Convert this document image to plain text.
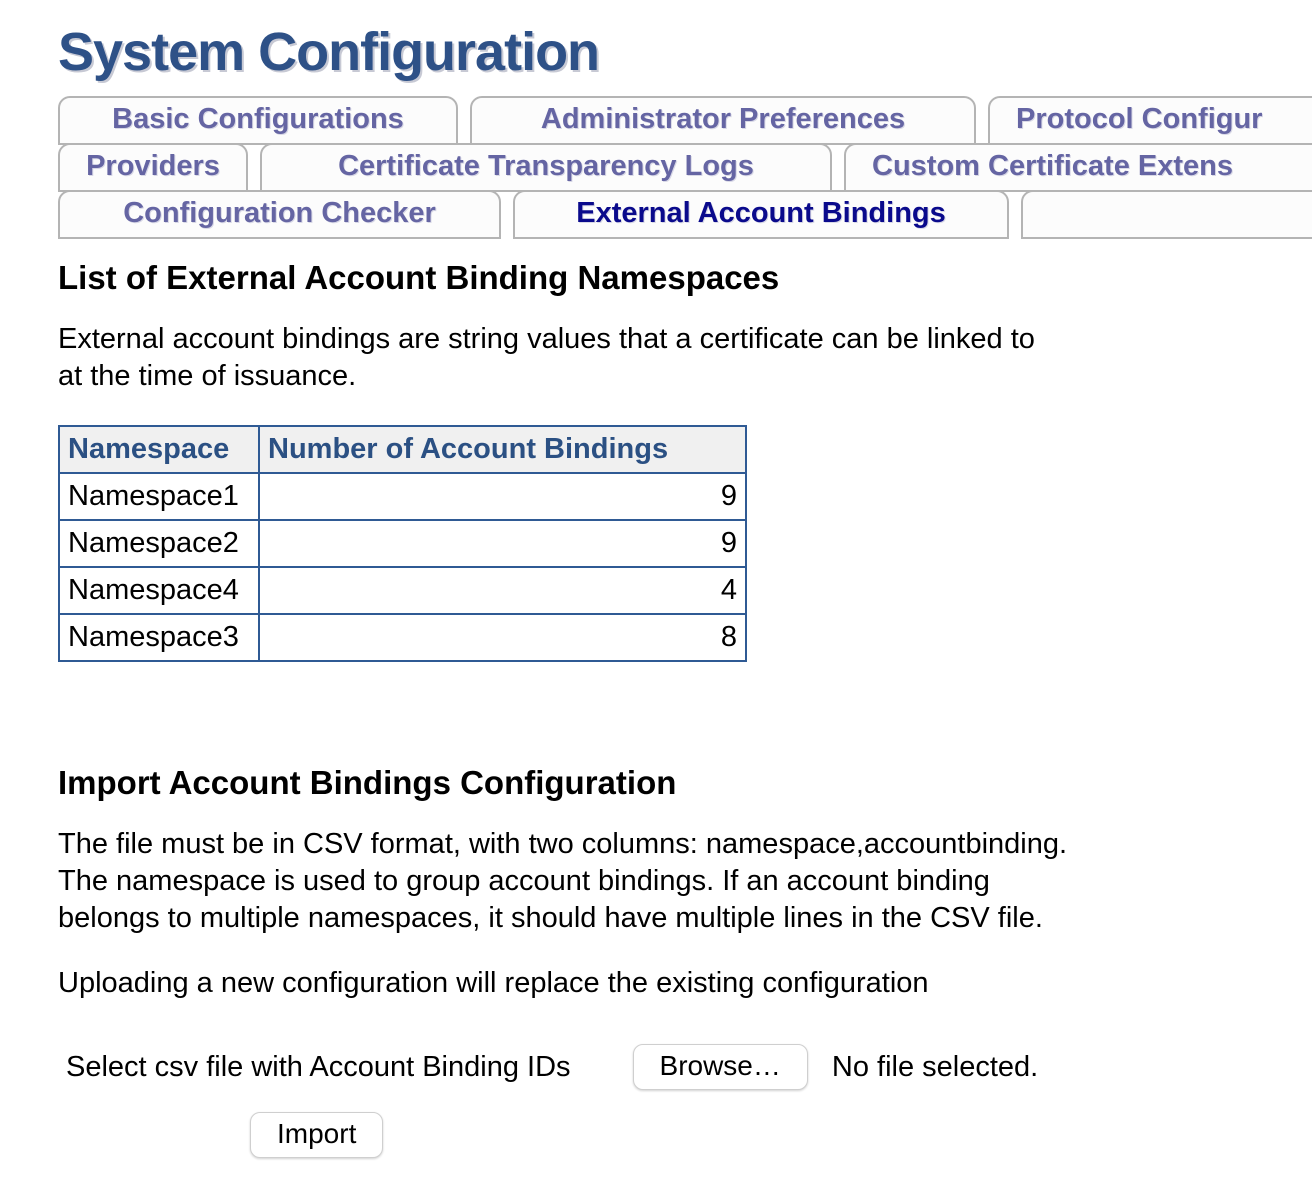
System Configuration
Basic Configurations	Administrator Preferences	Protocol Configur
Providers	Certificate Transparency Logs	Custom Certificate Extens
Configuration Checker	External Account Bindings
List of External Account Binding Namespaces
External account bindings are string values that a certificate can be linked to
at the time of issuance.
Namespace	Number of Account Bindings
Namespace1	9
Namespace2	9
Namespace4	4
Namespace3	8
Import Account Bindings Configuration
The file must be in CSV format, with two columns: namespace,accountbinding.
The namespace is used to group account bindings. If an account binding
belongs to multiple namespaces, it should have multiple lines in the CSV file.
Uploading a new configuration will replace the existing configuration
Select csv file with Account Binding IDs	Browse…	No file selected.
Import
